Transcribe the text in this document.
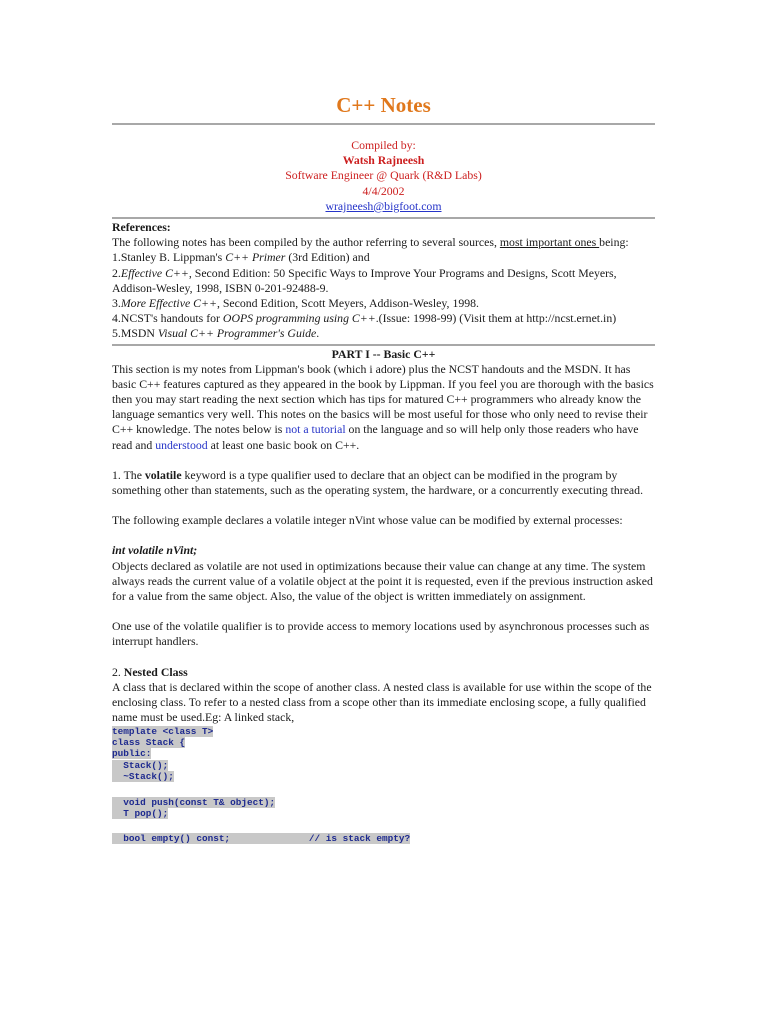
C++ Notes
Compiled by:
Watsh Rajneesh
Software Engineer @ Quark (R&D Labs)
4/4/2002
wrajneesh@bigfoot.com

References:

The following notes has been compiled by the author referring to several sources, most important ones being:

1.Stanley B. Lippman's C++ Primer (3rd Edition) and

2.Effective C++, Second Edition: 50 Specific Ways to Improve Your Programs and Designs, Scott Meyers, Addison-Wesley, 1998, ISBN 0-201-92488-9.

3.More Effective C++, Second Edition, Scott Meyers, Addison-Wesley, 1998.

4.NCST's handouts for OOPS programming using C++.(Issue: 1998-99) (Visit them at http://ncst.ernet.in)

5.MSDN Visual C++ Programmer's Guide.

PART I -- Basic C++

This section is my notes from Lippman's book (which i adore) plus the NCST handouts and the MSDN. It has basic C++ features captured as they appeared in the book by Lippman. If you feel you are thorough with the basics then you may start reading the next section which has tips for matured C++ programmers who already know the language semantics very well. This notes on the basics will be most useful for those who only need to revise their C++ knowledge. The notes below is not a tutorial on the language and so will help only those readers who have read and understood at least one basic book on C++.

1. The volatile keyword is a type qualifier used to declare that an object can be modified in the program by something other than statements, such as the operating system, the hardware, or a concurrently executing thread.

The following example declares a volatile integer nVint whose value can be modified by external processes:

int volatile nVint;

Objects declared as volatile are not used in optimizations because their value can change at any time. The system always reads the current value of a volatile object at the point it is requested, even if the previous instruction asked for a value from the same object. Also, the value of the object is written immediately on assignment.

One use of the volatile qualifier is to provide access to memory locations used by asynchronous processes such as interrupt handlers.

2. Nested Class

A class that is declared within the scope of another class. A nested class is available for use within the scope of the enclosing class. To refer to a nested class from a scope other than its immediate enclosing scope, a fully qualified name must be used.Eg: A linked stack,

template <class T>
class Stack {
public:
Stack();
~Stack();
void push(const T& object);
T pop();
bool empty() const;              // is stack empty?
